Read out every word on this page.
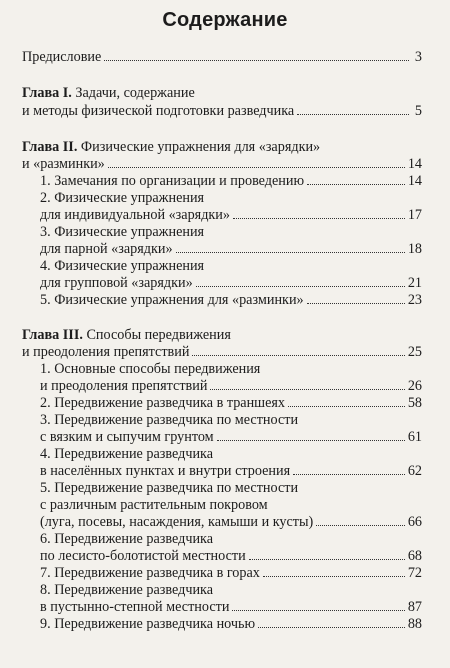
Содержание
Предисловие	3
Глава I. Задачи, содержание
и методы физической подготовки разведчика	5
Глава II. Физические упражнения для «зарядки»
и «разминки»	14
1. Замечания по организации и проведению	14
2. Физические упражнения
для индивидуальной «зарядки»	17
3. Физические упражнения
для парной «зарядки»	18
4. Физические упражнения
для групповой «зарядки»	21
5. Физические упражнения для «разминки»	23
Глава III. Способы передвижения
и преодоления препятствий	25
1. Основные способы передвижения
и преодоления препятствий	26
2. Передвижение разведчика в траншеях	58
3. Передвижение разведчика по местности
с вязким и сыпучим грунтом	61
4. Передвижение разведчика
в населённых пунктах и внутри строения	62
5. Передвижение разведчика по местности
с различным растительным покровом
(луга, посевы, насаждения, камыши и кусты)	66
6. Передвижение разведчика
по лесисто-болотистой местности	68
7. Передвижение разведчика в горах	72
8. Передвижение разведчика
в пустынно-степной местности	87
9. Передвижение разведчика ночью	88
